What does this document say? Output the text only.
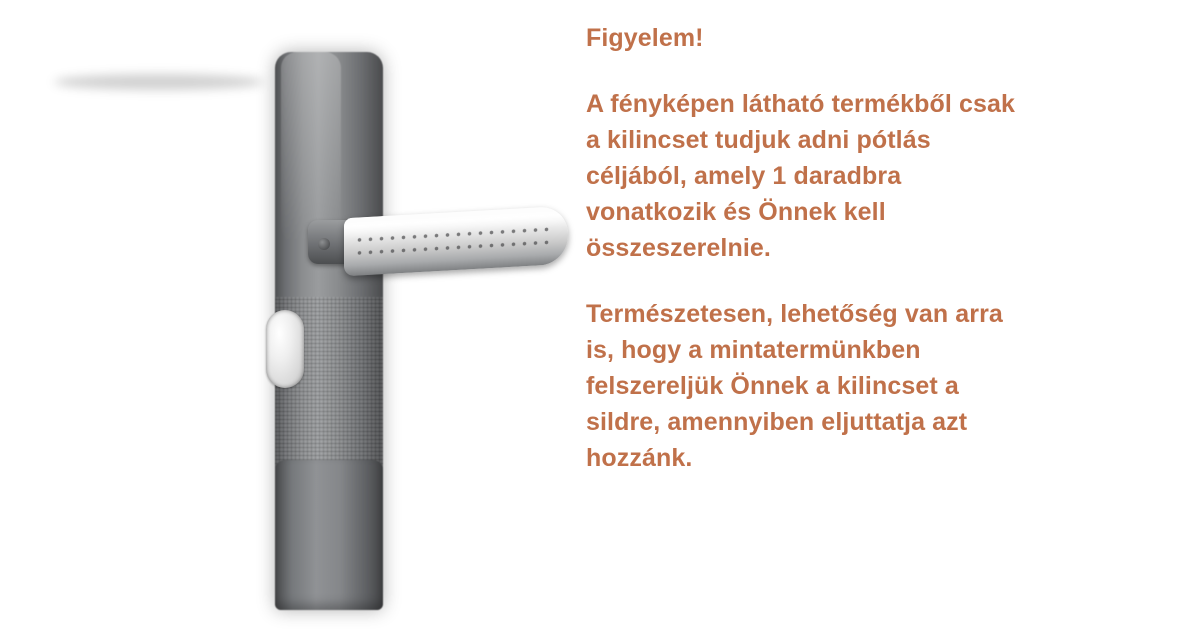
Figyelem!
A fényképen látható termékből csak a kilincset tudjuk adni pótlás céljából, amely 1 daradbra vonatkozik és Önnek kell összeszerelnie.
Természetesen, lehetőség van arra is, hogy a mintatermünkben felszereljük Önnek a kilincset a sildre, amennyiben eljuttatja azt hozzánk.
